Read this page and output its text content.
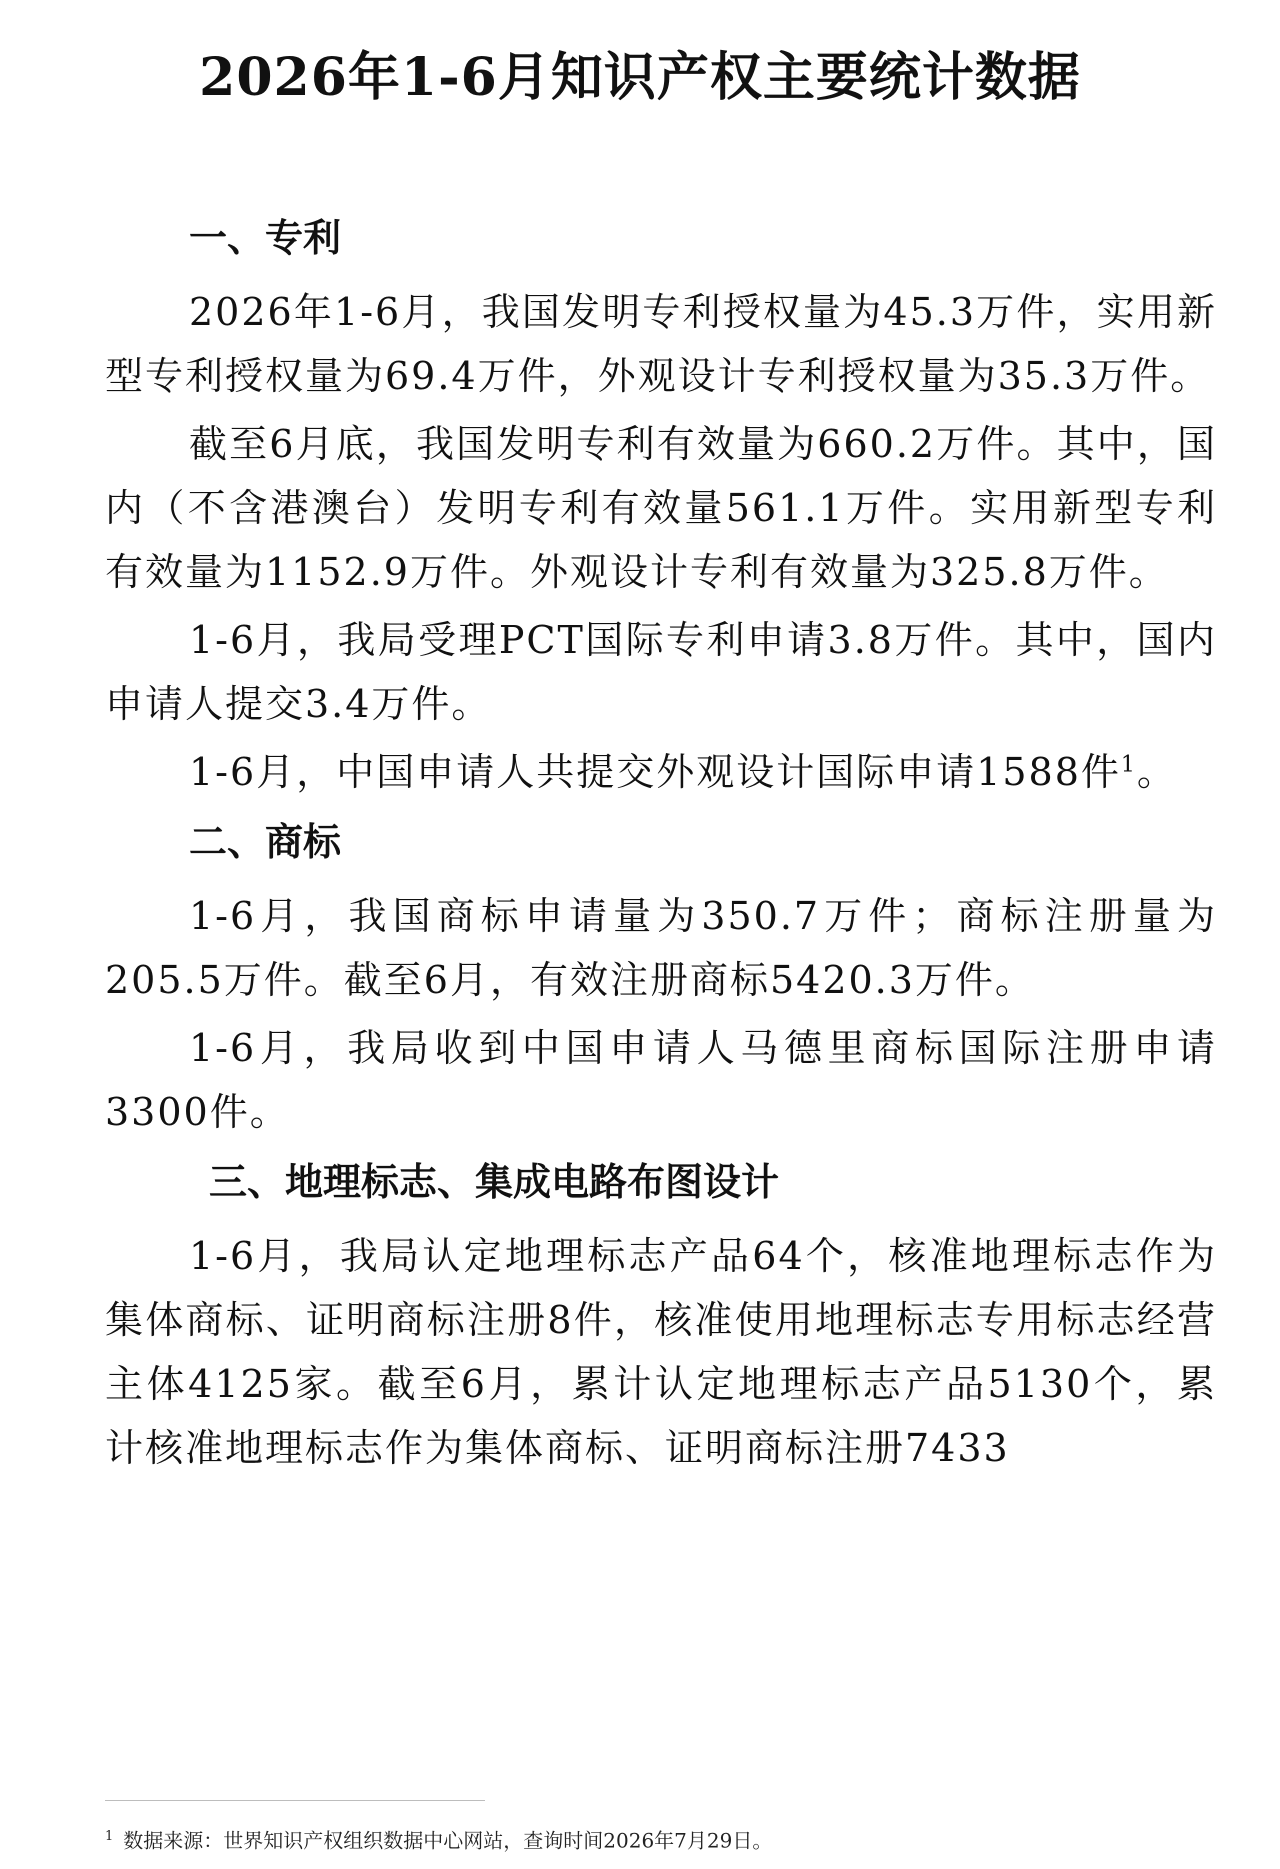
2026年1-6月知识产权主要统计数据
一、专利

2026年1-6月，我国发明专利授权量为45.3万件，实用新型专利授权量为69.4万件，外观设计专利授权量为35.3万件。

截至6月底，我国发明专利有效量为660.2万件。其中，国内（不含港澳台）发明专利有效量561.1万件。实用新型专利有效量为1152.9万件。外观设计专利有效量为325.8万件。

1-6月，我局受理PCT国际专利申请3.8万件。其中，国内申请人提交3.4万件。

1-6月，中国申请人共提交外观设计国际申请1588件$^1$。

二、商标

1-6月，我国商标申请量为350.7万件；商标注册量为205.5万件。截至6月，有效注册商标5420.3万件。

1-6月，我局收到中国申请人马德里商标国际注册申请3300件。

三、地理标志、集成电路布图设计

1-6月，我局认定地理标志产品64个，核准地理标志作为集体商标、证明商标注册8件，核准使用地理标志专用标志经营主体4125家。截至6月，累计认定地理标志产品5130个，累计核准地理标志作为集体商标、证明商标注册7433

$^1$ 数据来源：世界知识产权组织数据中心网站，查询时间2026年7月29日。
